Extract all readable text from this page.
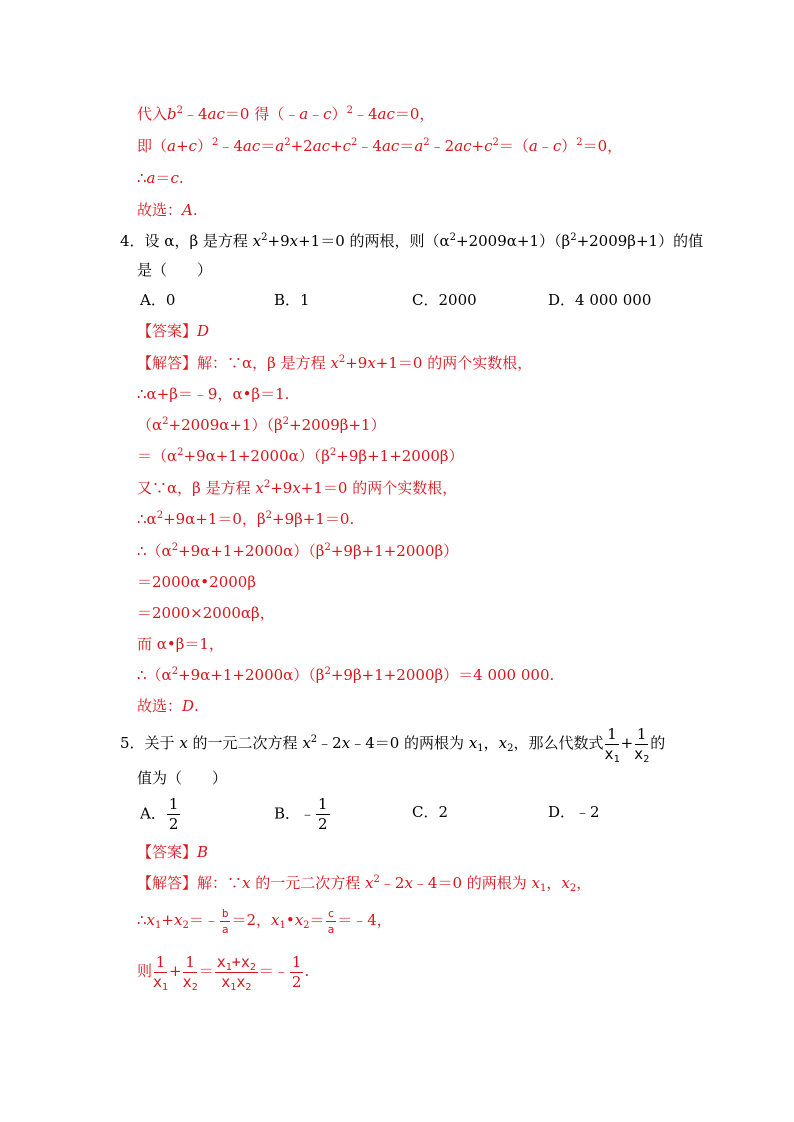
代入$b^2﹣4ac=0$ 得（﹣a﹣c）$^2$﹣4ac＝0，
即$(a+c)^2﹣4ac=a^2+2ac+c^2﹣4ac=a^2﹣2ac+c^2=(a﹣c)^2=0$，
∴a＝c.
故选：A.
4．设 α，β 是方程 $x^2+9x+1=0$ 的两根，则$(\alpha^2+2009\alpha+1)(\beta^2+2009\beta+1)$的值
是（　　）
A．0	B．1	C．2000	D．4 000 000
【答案】D
【解答】解：∵α，β 是方程 $x^2+9x+1=0$ 的两个实数根，
∴α+β＝﹣9，α•β＝1.
$(\alpha^2+2009\alpha+1)(\beta^2+2009\beta+1)$
$=(\alpha^2+9\alpha+1+2000\alpha)(\beta^2+9\beta+1+2000\beta)$
又∵α，β 是方程 $x^2+9x+1=0$ 的两个实数根，
$\therefore\alpha^2+9\alpha+1=0$，$\beta^2+9\beta+1=0$.
$\therefore(\alpha^2+9\alpha+1+2000\alpha)(\beta^2+9\beta+1+2000\beta)$
＝2000α•2000β
＝2000×2000αβ，
而 α•β＝1，
$\therefore(\alpha^2+9\alpha+1+2000\alpha)(\beta^2+9\beta+1+2000\beta)=4$ 000 000.
故选：D.
5．关于 x 的一元二次方程 $x^2﹣2x﹣4=0$ 的两根为 $x_1$，$x_2$，那么代数式 $\frac{1}{x_1} + \frac{1}{x_2}$ 的
值为（　　）
A． $\frac{1}{2}$	B．﹣ $\frac{1}{2}$	C．2	D．﹣2
【答案】B
【解答】解：∵x 的一元二次方程 $x^2﹣2x﹣4=0$ 的两根为 $x_1$，$x_2$，
$\therefore x_1+x_2=﹣ \frac{b}{a} =2$，$x_1•x_2= \frac{c}{a}$ ＝﹣4，
则 $\frac{1}{x_1} + \frac{1}{x_2} = \frac{x_1+x_2}{x_1x_2}$ ＝﹣ $\frac{1}{2}$ .
